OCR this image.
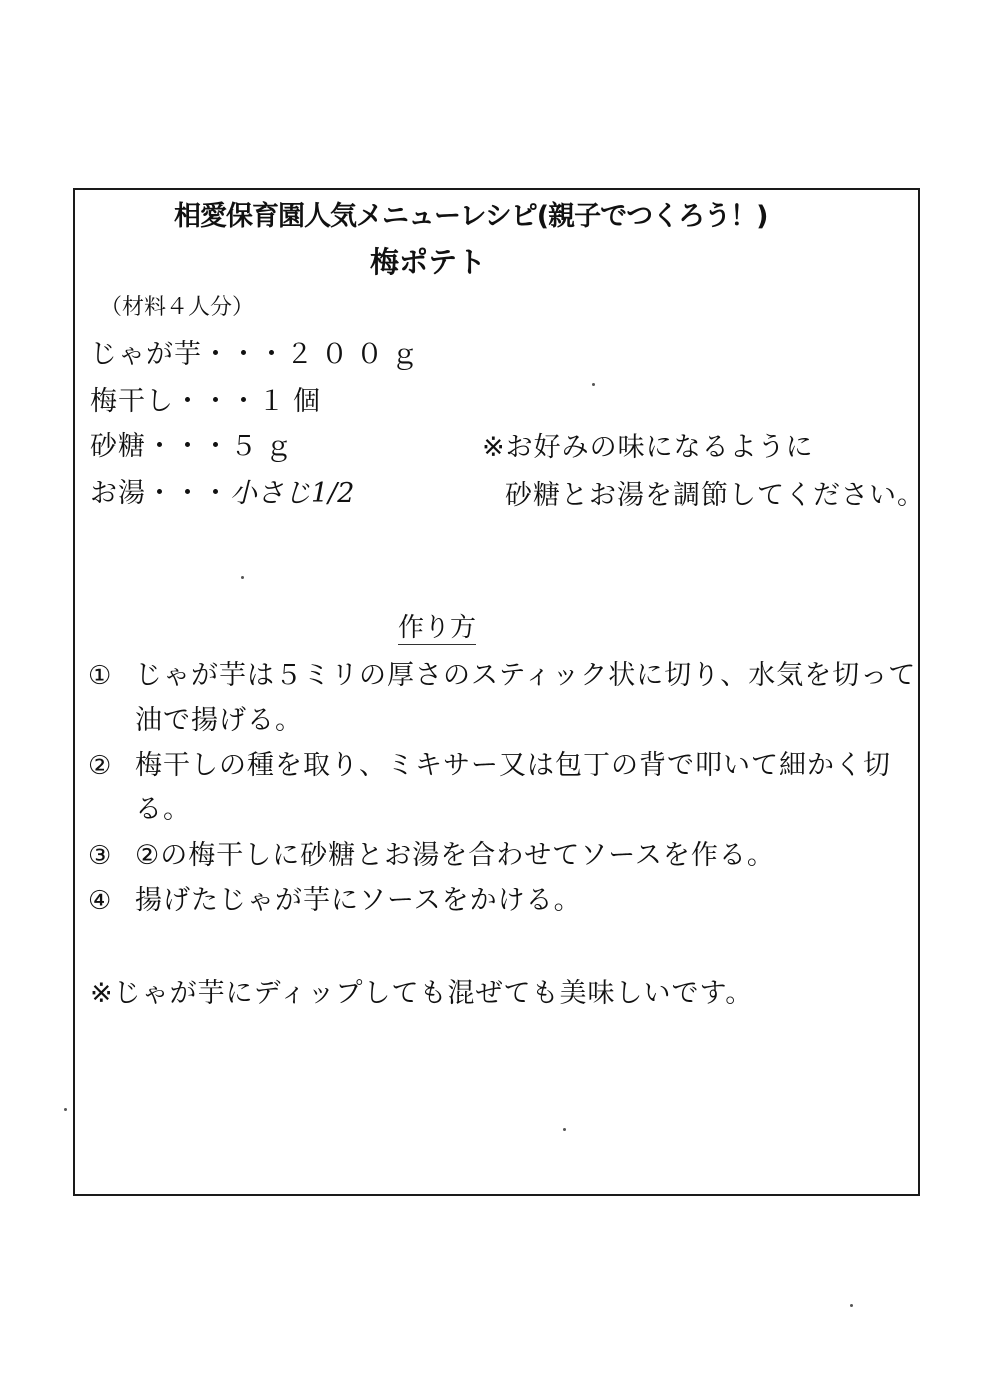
相愛保育園人気メニューレシピ(親子でつくろう！)
梅ポテト
（材料４人分）
じゃが芋・・・２００ｇ
梅干し・・・１個
砂糖・・・５ｇ
お湯・・・小さじ1/2
※お好みの味になるように
砂糖とお湯を調節してください。
作り方
① じゃが芋は５ミリの厚さのスティック状に切り、水気を切って
油で揚げる。
② 梅干しの種を取り、ミキサー又は包丁の背で叩いて細かく切
る。
③ ②の梅干しに砂糖とお湯を合わせてソースを作る。
④ 揚げたじゃが芋にソースをかける。
※じゃが芋にディップしても混ぜても美味しいです。
